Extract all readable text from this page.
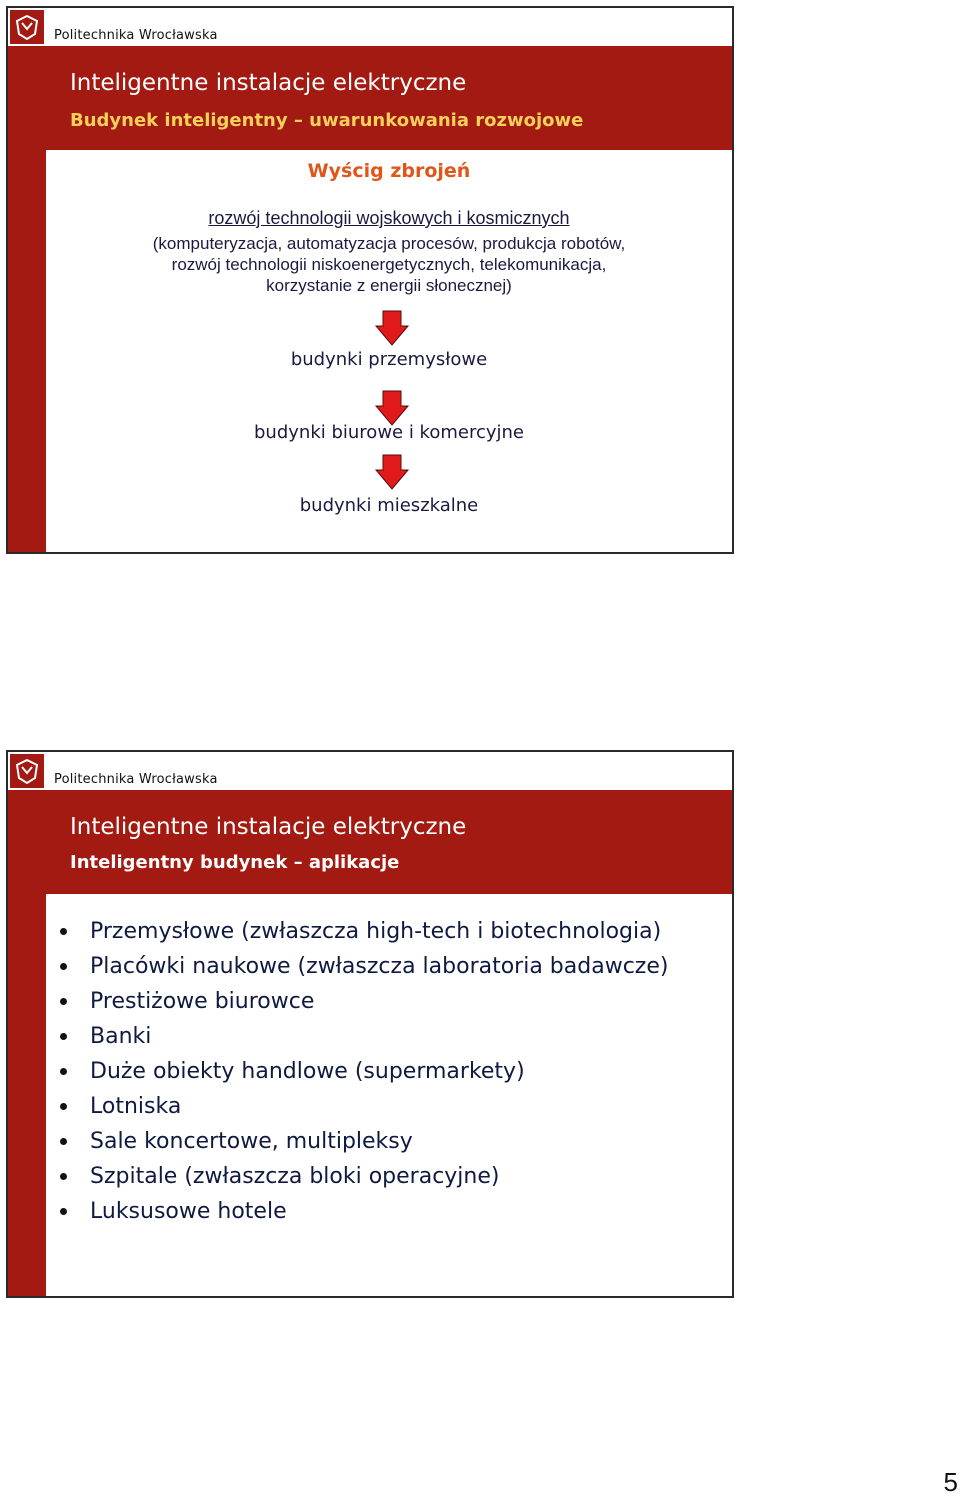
Politechnika Wrocławska
Inteligentne instalacje elektryczne
Budynek inteligentny – uwarunkowania rozwojowe
Wyścig zbrojeń
rozwój technologii wojskowych i kosmicznych
(komputeryzacja, automatyzacja procesów, produkcja robotów,
rozwój technologii niskoenergetycznych, telekomunikacja,
korzystanie z energii słonecznej)
budynki przemysłowe
budynki biurowe i komercyjne
budynki mieszkalne
Politechnika Wrocławska
Inteligentne instalacje elektryczne
Inteligentny budynek – aplikacje
Przemysłowe (zwłaszcza high-tech i biotechnologia)
Placówki naukowe (zwłaszcza laboratoria badawcze)
Prestiżowe biurowce
Banki
Duże obiekty handlowe (supermarkety)
Lotniska
Sale koncertowe, multipleksy
Szpitale (zwłaszcza bloki operacyjne)
Luksusowe hotele
5
